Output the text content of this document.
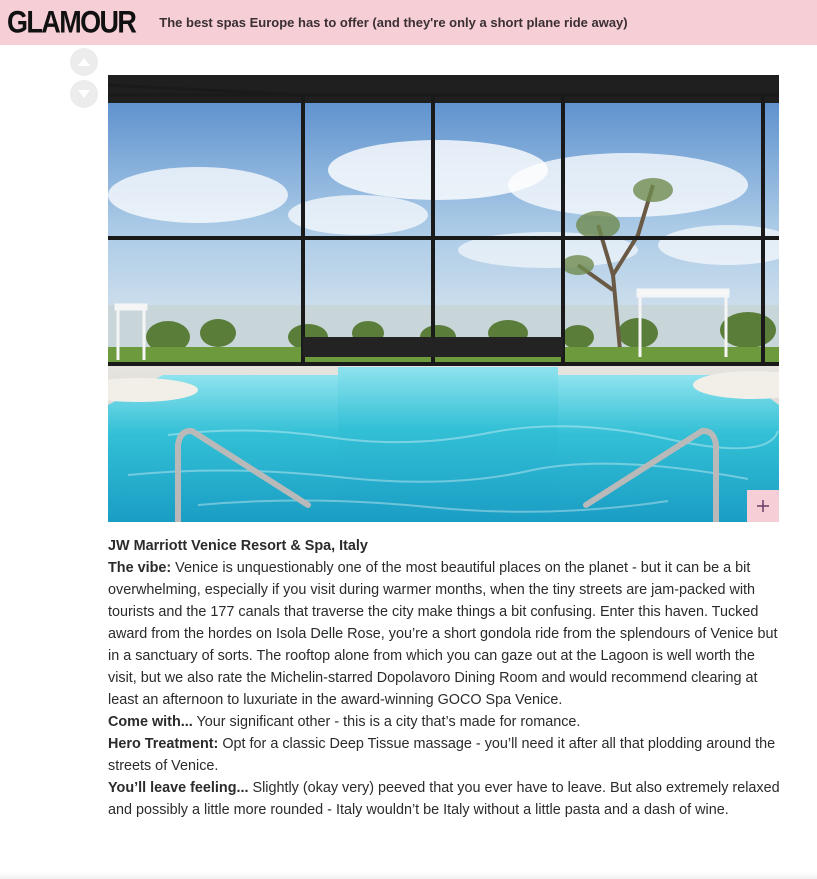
GLAMOUR The best spas Europe has to offer (and they're only a short plane ride away)

JW Marriott Venice Resort & Spa, Italy

The vibe: Venice is unquestionably one of the most beautiful places on the planet - but it can be a bit overwhelming, especially if you visit during warmer months, when the tiny streets are jam-packed with tourists and the 177 canals that traverse the city make things a bit confusing. Enter this haven. Tucked award from the hordes on Isola Delle Rose, you’re a short gondola ride from the splendours of Venice but in a sanctuary of sorts. The rooftop alone from which you can gaze out at the Lagoon is well worth the visit, but we also rate the Michelin-starred Dopolavoro Dining Room and would recommend clearing at least an afternoon to luxuriate in the award-winning GOCO Spa Venice.

Come with... Your significant other - this is a city that’s made for romance.

Hero Treatment: Opt for a classic Deep Tissue massage - you’ll need it after all that plodding around the streets of Venice.

You’ll leave feeling... Slightly (okay very) peeved that you ever have to leave. But also extremely relaxed and possibly a little more rounded - Italy wouldn’t be Italy without a little pasta and a dash of wine.
